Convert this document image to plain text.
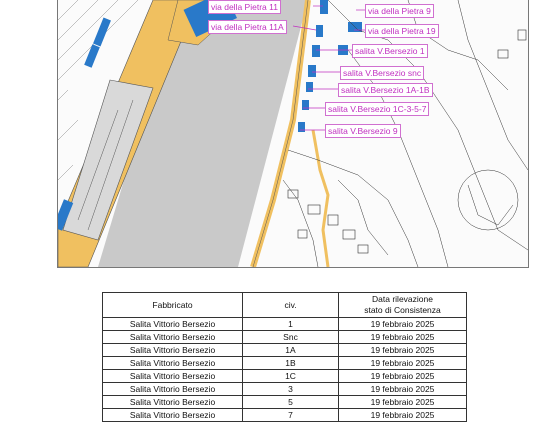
via della Pietra 11	via della Pietra 9
via della Pietra 11A	via della Pietra 19
salita V.Bersezio 1
salita V.Bersezio snc
salita V.Bersezio 1A-1B
salita V.Bersezio 1C-3-5-7
salita V.Bersezio 9
Fabbricato	civ.	Data rilevazione
stato di Consistenza

Salita Vittorio Bersezio	1	19 febbraio 2025
Salita Vittorio Bersezio	Snc	19 febbraio 2025
Salita Vittorio Bersezio	1A	19 febbraio 2025
Salita Vittorio Bersezio	1B	19 febbraio 2025
Salita Vittorio Bersezio	1C	19 febbraio 2025
Salita Vittorio Bersezio	3	19 febbraio 2025
Salita Vittorio Bersezio	5	19 febbraio 2025
Salita Vittorio Bersezio	7	19 febbraio 2025
